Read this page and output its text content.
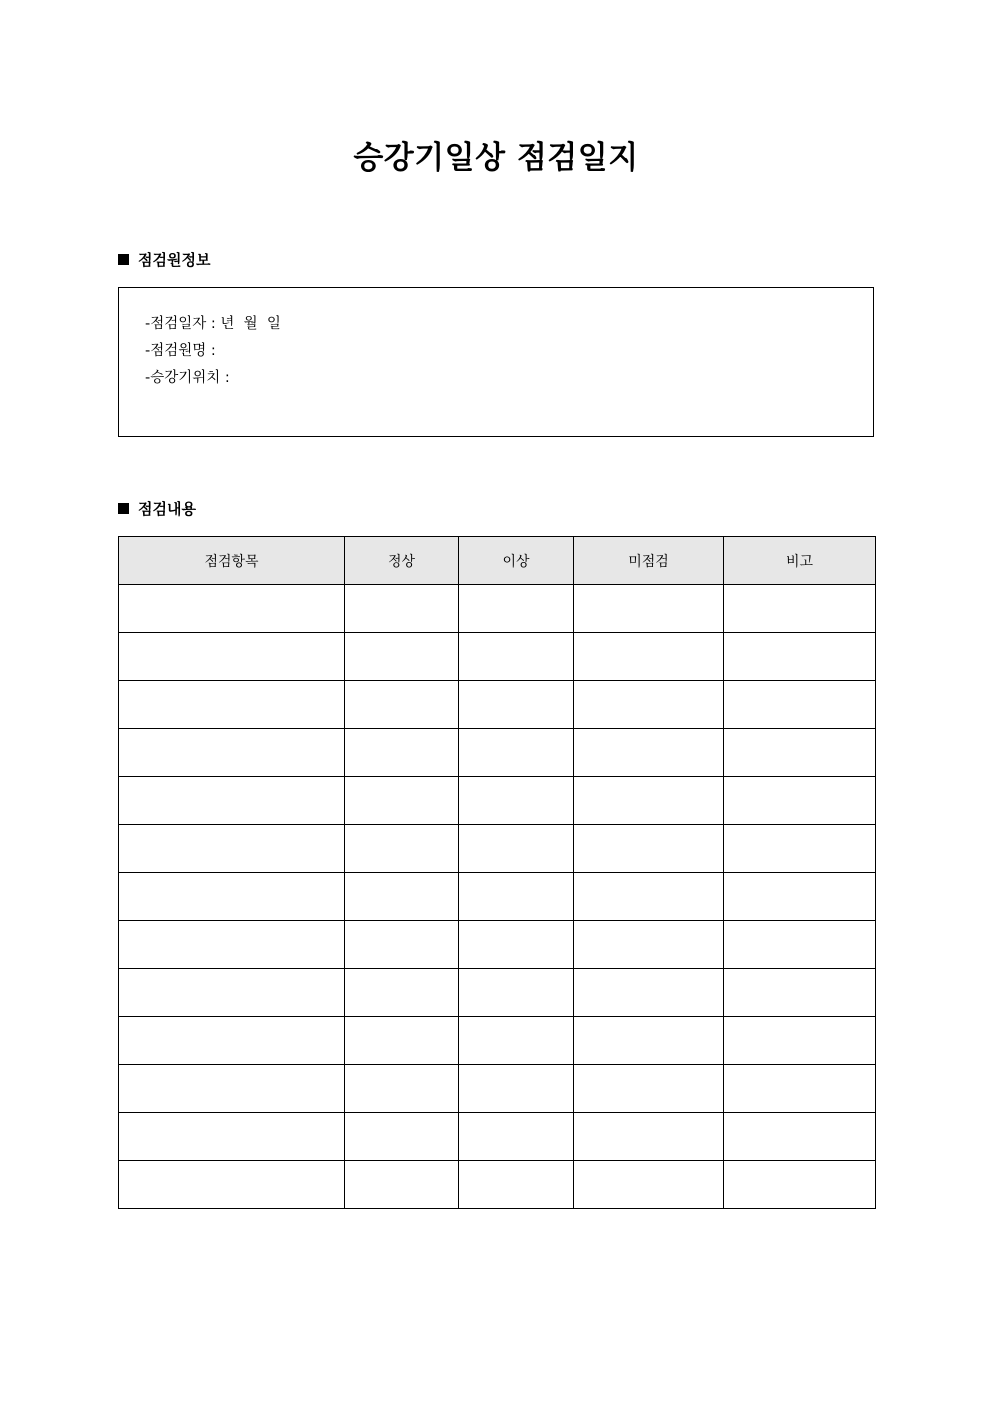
승강기일상 점검일지
점검원정보
-점검일자 : 년  월  일
-점검원명 :
-승강기위치 :
점검내용
점검항목	정상	이상	미점검	비고
